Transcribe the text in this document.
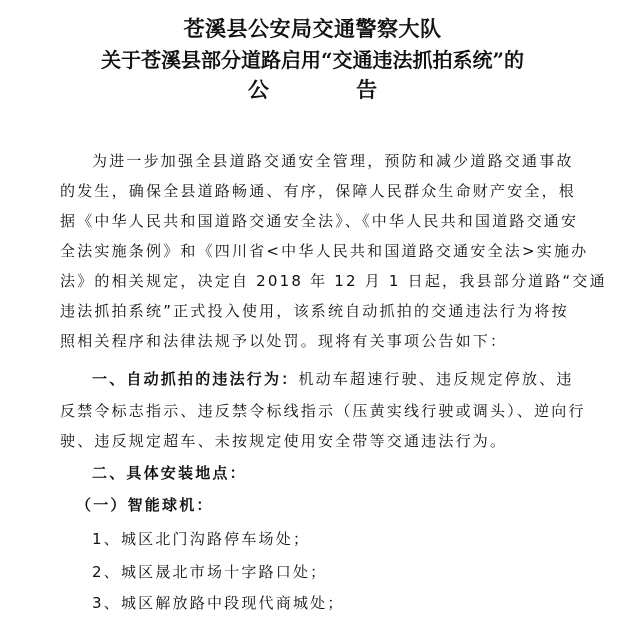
苍溪县公安局交通警察大队
关于苍溪县部分道路启用“交通违法抓拍系统”的
公 告
为进一步加强全县道路交通安全管理，预防和减少道路交通事故
的发生，确保全县道路畅通、有序，保障人民群众生命财产安全，根
据《中华人民共和国道路交通安全法》、《中华人民共和国道路交通安
全法实施条例》和《四川省<中华人民共和国道路交通安全法>实施办
法》的相关规定，决定自 2018 年 12 月 1 日起，我县部分道路“交通
违法抓拍系统”正式投入使用，该系统自动抓拍的交通违法行为将按
照相关程序和法律法规予以处罚。现将有关事项公告如下：
一、自动抓拍的违法行为：机动车超速行驶、违反规定停放、违
反禁令标志指示、违反禁令标线指示（压黄实线行驶或调头）、逆向行
驶、违反规定超车、未按规定使用安全带等交通违法行为。
二、具体安装地点：
（一）智能球机：
1、城区北门沟路停车场处；
2、城区晟北市场十字路口处；
3、城区解放路中段现代商城处；
